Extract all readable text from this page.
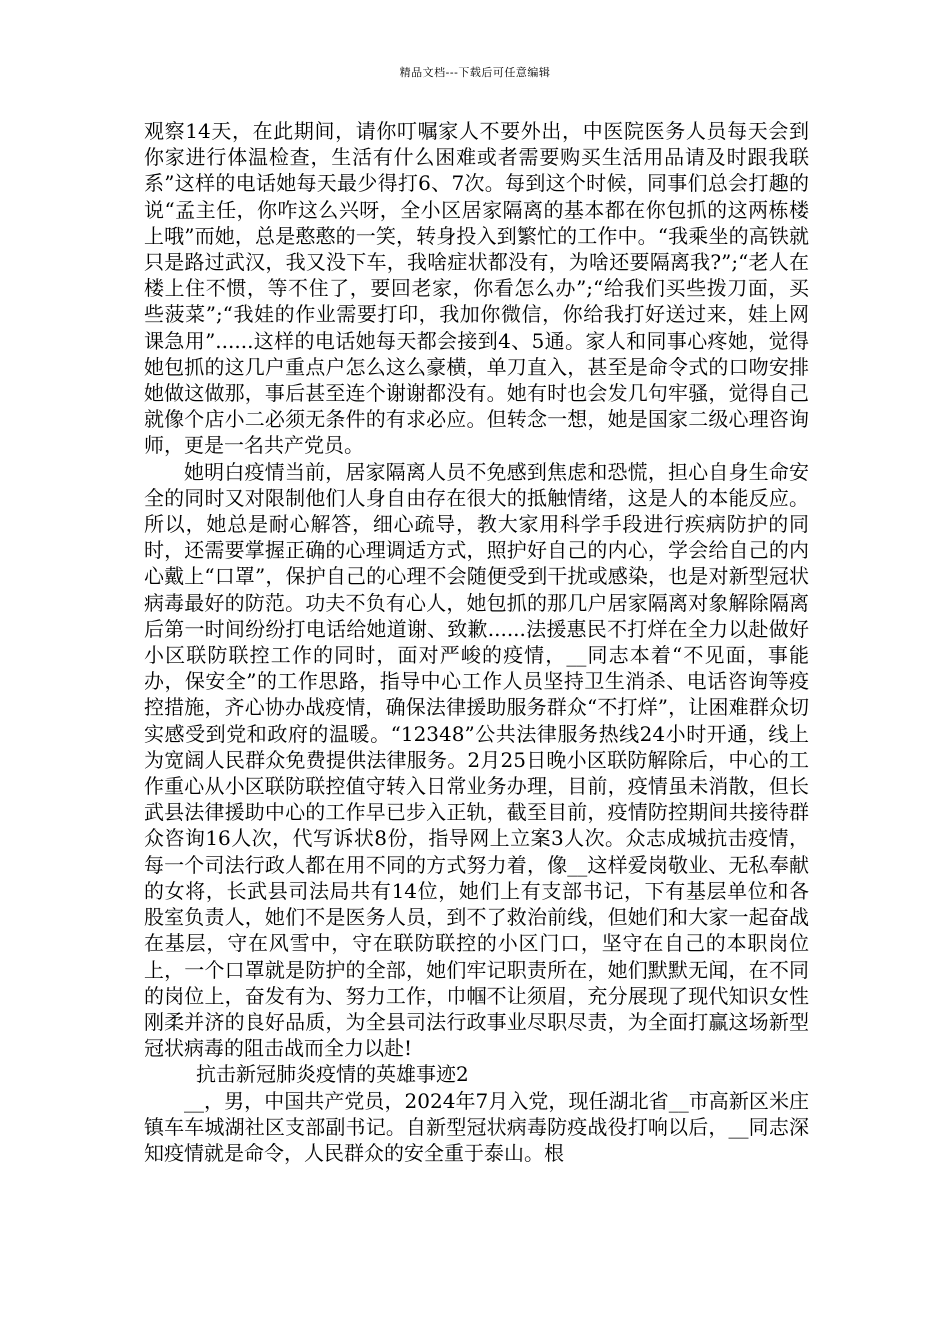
精品文档---下载后可任意编辑

观察14天，在此期间，请你叮嘱家人不要外出，中医院医务人员每天会到你家进行体温检查，生活有什么困难或者需要购买生活用品请及时跟我联系”这样的电话她每天最少得打6、7次。每到这个时候，同事们总会打趣的说“孟主任，你咋这么兴呀，全小区居家隔离的基本都在你包抓的这两栋楼上哦”而她，总是憨憨的一笑，转身投入到繁忙的工作中。“我乘坐的高铁就只是路过武汉，我又没下车，我啥症状都没有，为啥还要隔离我?”;“老人在楼上住不惯，等不住了，要回老家，你看怎么办”;“给我们买些拨刀面，买些菠菜”;“我娃的作业需要打印，我加你微信，你给我打好送过来，娃上网课急用”......这样的电话她每天都会接到4、5通。家人和同事心疼她，觉得她包抓的这几户重点户怎么这么豪横，单刀直入，甚至是命令式的口吻安排她做这做那，事后甚至连个谢谢都没有。她有时也会发几句牢骚，觉得自己就像个店小二必须无条件的有求必应。但转念一想，她是国家二级心理咨询师，更是一名共产党员。

她明白疫情当前，居家隔离人员不免感到焦虑和恐慌，担心自身生命安全的同时又对限制他们人身自由存在很大的抵触情绪，这是人的本能反应。所以，她总是耐心解答，细心疏导，教大家用科学手段进行疾病防护的同时，还需要掌握正确的心理调适方式，照护好自己的内心，学会给自己的内心戴上“口罩”，保护自己的心理不会随便受到干扰或感染，也是对新型冠状病毒最好的防范。功夫不负有心人，她包抓的那几户居家隔离对象解除隔离后第一时间纷纷打电话给她道谢、致歉......法援惠民不打烊在全力以赴做好小区联防联控工作的同时，面对严峻的疫情，__同志本着“不见面，事能办，保安全”的工作思路，指导中心工作人员坚持卫生消杀、电话咨询等疫控措施，齐心协办战疫情，确保法律援助服务群众“不打烊”，让困难群众切实感受到党和政府的温暖。“12348”公共法律服务热线24小时开通，线上为宽阔人民群众免费提供法律服务。2月25日晚小区联防解除后，中心的工作重心从小区联防联控值守转入日常业务办理，目前，疫情虽未消散，但长武县法律援助中心的工作早已步入正轨，截至目前，疫情防控期间共接待群众咨询16人次，代写诉状8份，指导网上立案3人次。众志成城抗击疫情，每一个司法行政人都在用不同的方式努力着，像__这样爱岗敬业、无私奉献的女将，长武县司法局共有14位，她们上有支部书记，下有基层单位和各股室负责人，她们不是医务人员，到不了救治前线，但她们和大家一起奋战在基层，守在风雪中，守在联防联控的小区门口，坚守在自己的本职岗位上，一个口罩就是防护的全部，她们牢记职责所在，她们默默无闻，在不同的岗位上，奋发有为、努力工作，巾帼不让须眉，充分展现了现代知识女性刚柔并济的良好品质，为全县司法行政事业尽职尽责，为全面打赢这场新型冠状病毒的阻击战而全力以赴!

抗击新冠肺炎疫情的英雄事迹2

__，男，中国共产党员，2024年7月入党，现任湖北省__市高新区米庄镇车车城湖社区支部副书记。自新型冠状病毒防疫战役打响以后，__同志深知疫情就是命令，人民群众的安全重于泰山。根
